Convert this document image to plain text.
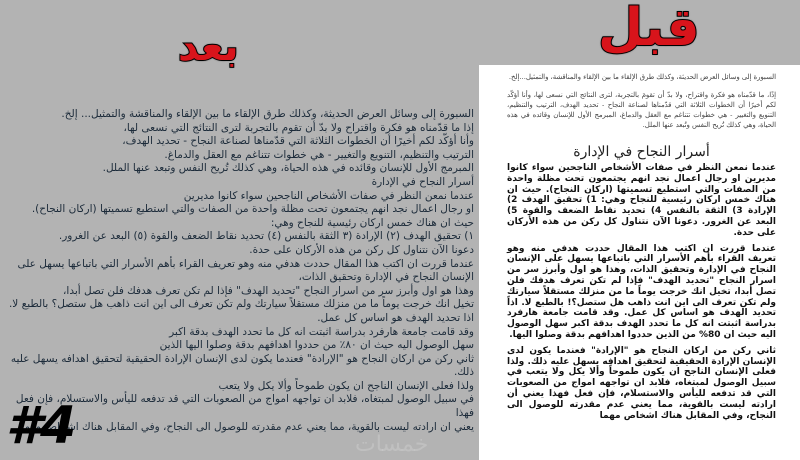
بعد	قبل
السبورة إلى وسائل العرض الحديثة، وكذلك طرق الإلقاء ما بين الإلقاء والمناقشة والتمثيل... إلخ.
إذا ما قدّمناه هو فكرة واقتراح ولا بدّ أن تقوم بالتجربة لترى النتائج التي نسعى لها،
وأنا أؤكّد لكم أخيرًا أن الخطوات الثلاثة التي قدّمناها لصناعة النجاح - تحديد الهدف،
الترتيب والتنظيم، التنويع والتغيير - هي خطوات تتناغم مع العقل والدماغ.
المبرمج الأول للإنسان وقائده في هذه الحياة، وهي كذلك تُريح النفس وتبعد عنها الملل.
أسرار النجاح في الإدارة
عندما نمعن النظر في صفات الأشخاص الناجحين سواء كانوا مديرين
او رجال اعمال نجد انهم يجتمعون تحت مظلة واحدة من الصفات والتي استطيع تسميتها (اركان النجاح).
حيث ان هناك خمس اركان رئيسية للنجاح وهي:
١) تحقيق الهدف (٢) الإرادة (٣ الثقة بالنفس (٤) تحديد نقاط الضعف والقوة (٥) البعد عن الغرور.
دعونا الآن نتناول كل ركن من هذه الأركان على حدة.
عندما قررت ان اكتب هذا المقال حددت هدفي منه وهو تعريف القراء بأهم الأسرار التي باتباعها يسهل على الإنسان النجاح في الإدارة وتحقيق الذات،
وهذا هو اول وأبرز سر من اسرار النجاح "تحديد الهدف" فإذا لم تكن تعرف هدفك فلن تصل أبدا،
تخيل انك خرجت يوماً ما من منزلك مستقلاً سيارتك ولم تكن تعرف الى اين انت ذاهب هل ستصل؟ بالطبع لا.
اذا تحديد الهدف هو اساس كل عمل.
وقد قامت جامعة هارفرد بدراسة اثبتت انه كل ما تحدد الهدف بدقة اكبر
سهل الوصول اليه حيث ان ٨٠٪ من حددوا اهدافهم بدقة وصلوا اليها الذين
ثاني ركن من اركان النجاح هو "الإرادة" فعندما يكون لدى الإنسان الإرادة الحقيقية لتحقيق اهدافه يسهل عليه ذلك.
ولذا فعلى الإنسان الناجح ان يكون طموحاً وألا يكل ولا يتعب
في سبيل الوصول لمبتغاه، فلابد ان تواجهه امواج من الصعوبات التي قد تدفعه لليأس والاستسلام، فإن فعل فهذا
يعني ان ارادته ليست بالقوية، مما يعني عدم مقدرته للوصول الى النجاح، وفي المقابل هناك اشخاص مهما

السبورة إلى وسائل العرض الحديثة، وكذلك طرق الإلقاء ما بين الإلقاء والمناقشة، والتمثيل...إلخ.

إذًا، ما قدّمناه هو فكرة واقتراح، ولا بدّ أن تقومَ بالتجربة، لترى النتائج التي نسعى لها، وأنا أؤكّد لكم أخيرًا أن الخطوات الثلاثة التي قدّمناها لصناعة النجاح - تحديد الهدف، الترتيب والتنظيم، التنويع والتغيير - هي خطوات تتناغم مع العقل والدماغ، المبرمج الأول للإنسان وقائده في هذه الحياة، وهي كذلك تُريح النفس وتُبعد عنها الملل.

أسرار النجاح في الإدارة

عندما نمعن النظر في صفات الأشخاص الناجحين سواء كانوا مديرين او رجال اعمال نجد انهم يجتمعون تحت مظلة واحدة من الصفات والتي استطيع تسميتها (اركان النجاح). حيث ان هناك خمس اركان رئيسية للنجاح وهي: 1) تحقيق الهدف 2) الإرادة 3) الثقة بالنفس 4) تحديد نقاط الضعف والقوة 5) البعد عن الغرور. دعونا الآن نتناول كل ركن من هذه الأركان على حدة.

عندما قررت ان اكتب هذا المقال حددت هدفي منه وهو تعريف القراء بأهم الأسرار التي باتباعها يسهل على الإنسان النجاح في الإدارة وتحقيق الذات، وهذا هو اول وأبرز سر من اسرار النجاح "تحديد الهدف" فإذا لم تكن تعرف هدفك فلن تصل أبدا، تخيل انك خرجت يوماً ما من منزلك مستقلاً سيارتك ولم تكن تعرف الى اين انت ذاهب هل ستصل؟! بالطبع لا. اذاً تحديد الهدف هو اساس كل عمل. وقد قامت جامعة هارفرد بدراسة اثبتت انه كل ما تحدد الهدف بدقة اكبر سهل الوصول اليه حيث ان 80% من الذين حددوا اهدافهم بدقة وصلوا اليها.

ثاني ركن من اركان النجاح هو "الإرادة" فعندما يكون لدى الإنسان الإرادة الحقيقية لتحقيق اهدافه يسهل عليه ذلك. ولذا فعلى الإنسان الناجح ان يكون طموحاً وألا يكل ولا يتعب في سبيل الوصول لمبتغاه، فلابد ان تواجهه امواج من الصعوبات التي قد تدفعه لليأس والاستسلام، فإن فعل فهذا يعني أن ارادته ليست بالقوية، مما يعني عدم مقدرته للوصول الى النجاح، وفي المقابل هناك اشخاص مهما

#4	خمسات
